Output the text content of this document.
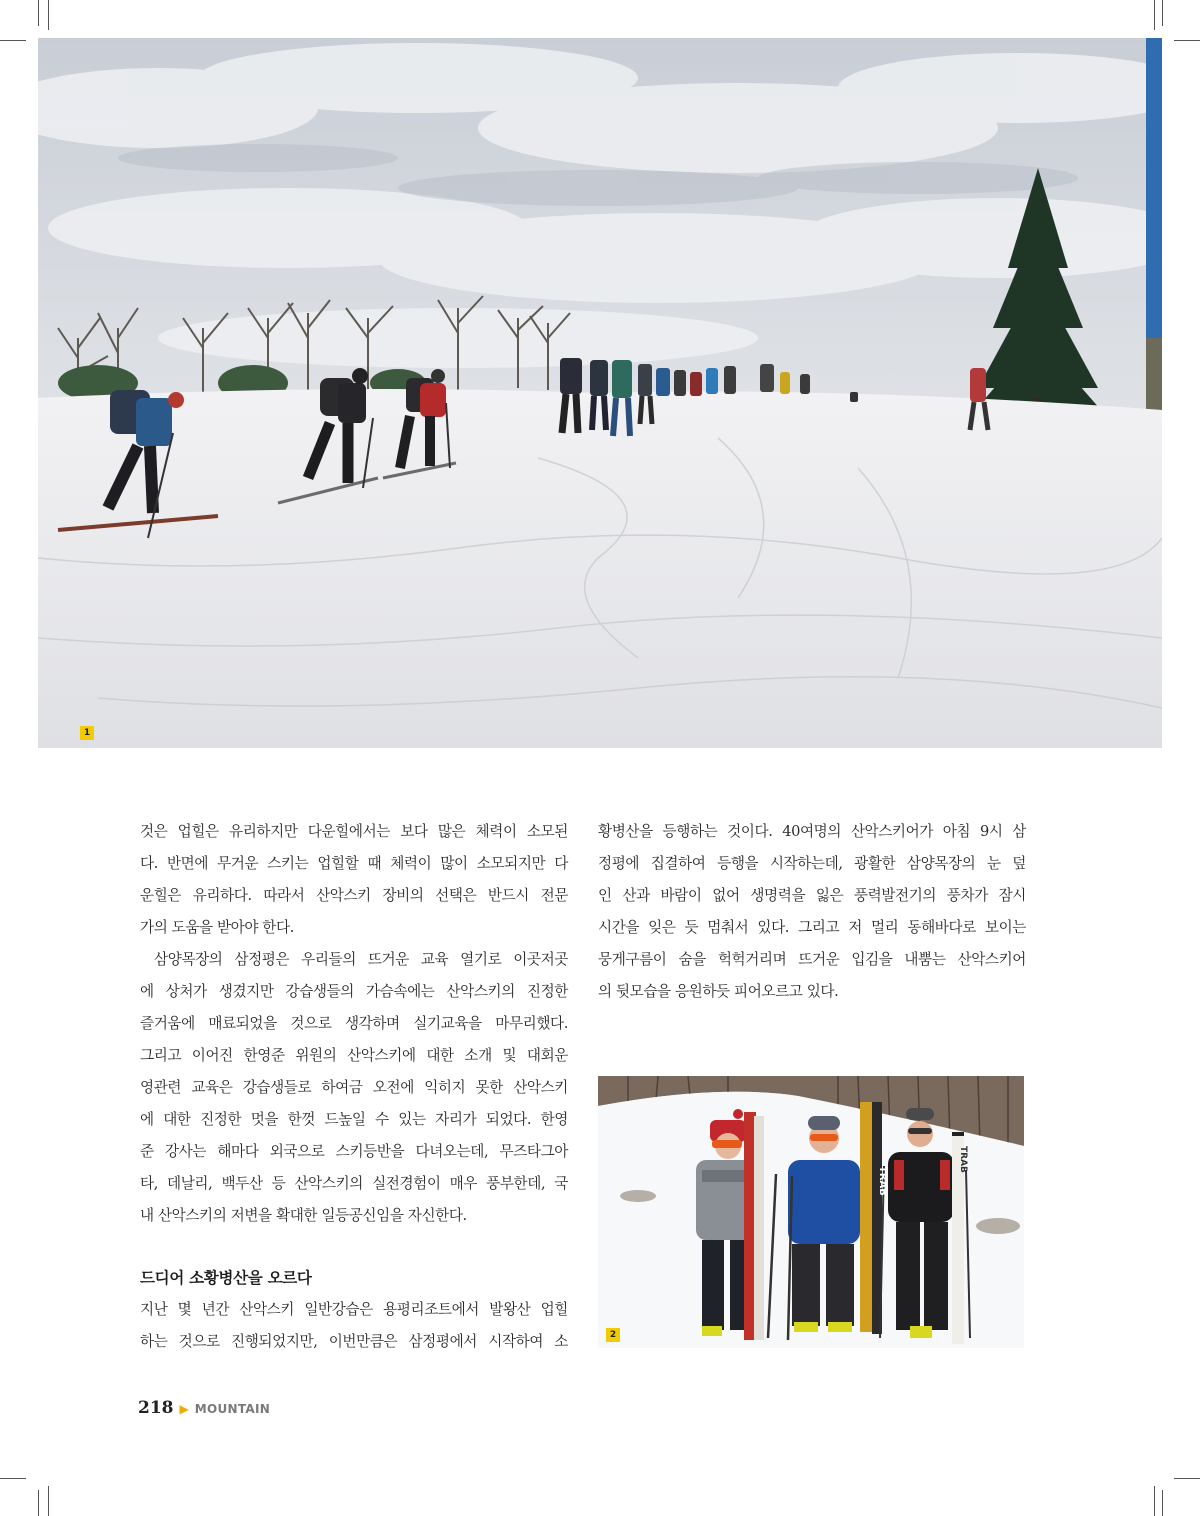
1

것은 업힐은 유리하지만 다운힐에서는 보다 많은 체력이 소모된

다. 반면에 무거운 스키는 업힐할 때 체력이 많이 소모되지만 다

운힐은 유리하다. 따라서 산악스키 장비의 선택은 반드시 전문

가의 도움을 받아야 한다.

삼양목장의 삼정평은 우리들의 뜨거운 교육 열기로 이곳저곳

에 상처가 생겼지만 강습생들의 가슴속에는 산악스키의 진정한

즐거움에 매료되었을 것으로 생각하며 실기교육을 마무리했다.

그리고 이어진 한영준 위원의 산악스키에 대한 소개 및 대회운

영관련 교육은 강습생들로 하여금 오전에 익히지 못한 산악스키

에 대한 진정한 멋을 한껏 드높일 수 있는 자리가 되었다. 한영

준 강사는 해마다 외국으로 스키등반을 다녀오는데, 무즈타그아

타, 데날리, 백두산 등 산악스키의 실전경험이 매우 풍부한데, 국

내 산악스키의 저변을 확대한 일등공신임을 자신한다.

드디어 소황병산을 오르다

지난 몇 년간 산악스키 일반강습은 용평리조트에서 발왕산 업힐

하는 것으로 진행되었지만, 이번만큼은 삼정평에서 시작하여 소

황병산을 등행하는 것이다. 40여명의 산악스키어가 아침 9시 삼

정평에 집결하여 등행을 시작하는데, 광활한 삼양목장의 눈 덮

인 산과 바람이 없어 생명력을 잃은 풍력발전기의 풍차가 잠시

시간을 잊은 듯 멈춰서 있다. 그리고 저 멀리 동해바다로 보이는

뭉게구름이 숨을 헉헉거리며 뜨거운 입김을 내뿜는 산악스키어

의 뒷모습을 응원하듯 피어오르고 있다.

TRAB
TRAB
2
218 ▶ MOUNTAIN
